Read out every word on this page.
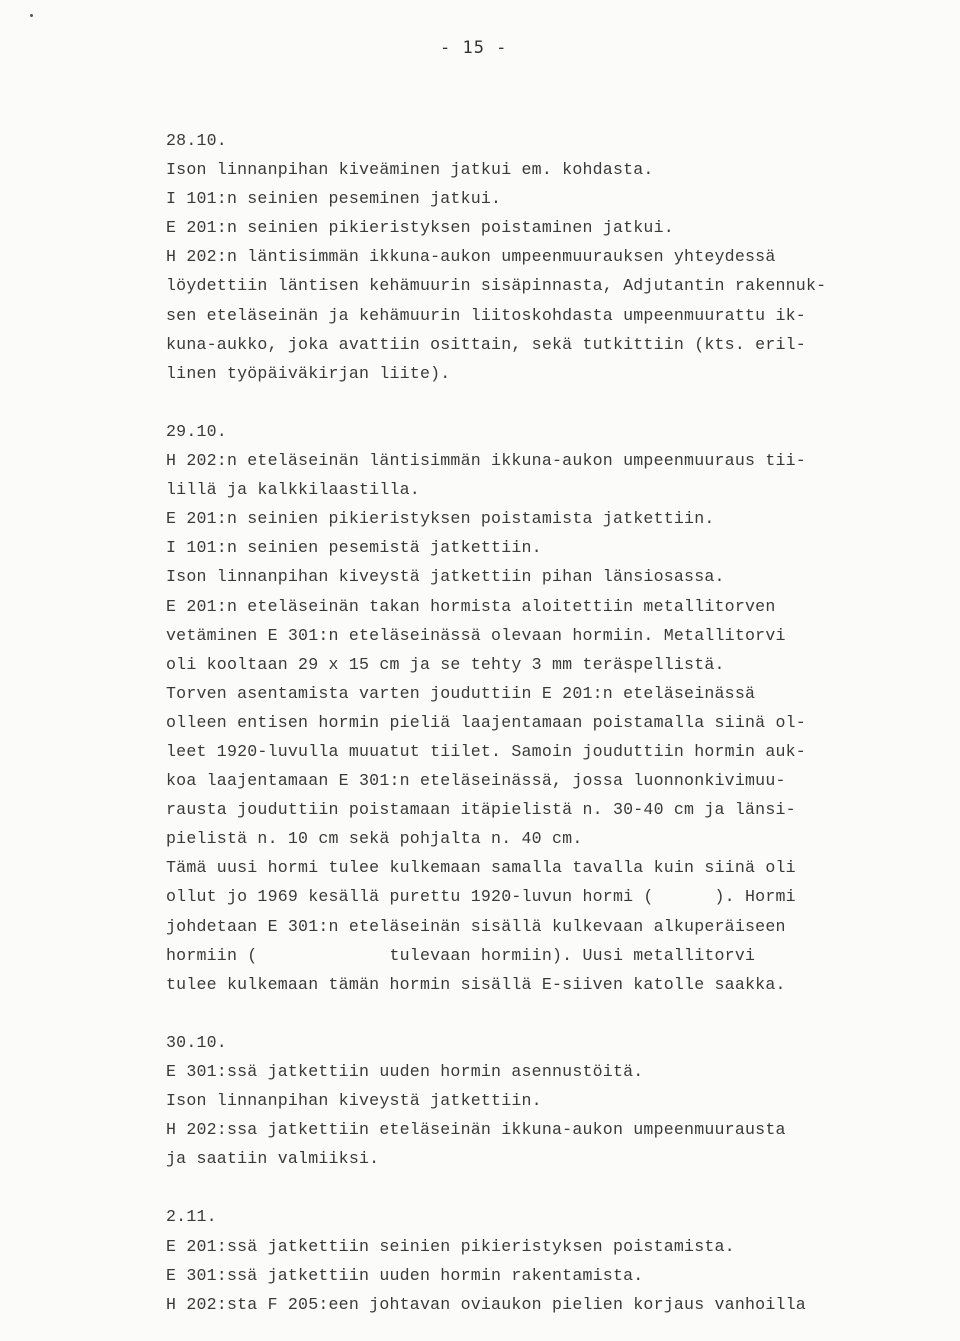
- 15 -
28.10.
Ison linnanpihan kiveäminen jatkui em. kohdasta.
I 101:n seinien peseminen jatkui.
E 201:n seinien pikieristyksen poistaminen jatkui.
H 202:n läntisimmän ikkuna-aukon umpeenmuurauksen yhteydessä
löydettiin läntisen kehämuurin sisäpinnasta, Adjutantin rakennuk-
sen eteläseinän ja kehämuurin liitoskohdasta umpeenmuurattu ik-
kuna-aukko, joka avattiin osittain, sekä tutkittiin (kts. eril-
linen työpäiväkirjan liite).
29.10.
H 202:n eteläseinän läntisimmän ikkuna-aukon umpeenmuuraus tii-
lillä ja kalkkilaastilla.
E 201:n seinien pikieristyksen poistamista jatkettiin.
I 101:n seinien pesemistä jatkettiin.
Ison linnanpihan kiveystä jatkettiin pihan länsiosassa.
E 201:n eteläseinän takan hormista aloitettiin metallitorven
vetäminen E 301:n eteläseinässä olevaan hormiin. Metallitorvi
oli kooltaan 29 x 15 cm ja se tehty 3 mm teräspellistä.
Torven asentamista varten jouduttiin E 201:n eteläseinässä
olleen entisen hormin pieliä laajentamaan poistamalla siinä ol-
leet 1920-luvulla muuatut tiilet. Samoin jouduttiin hormin auk-
koa laajentamaan E 301:n eteläseinässä, jossa luonnonkivimuu-
rausta jouduttiin poistamaan itäpielistä n. 30-40 cm ja länsi-
pielistä n. 10 cm sekä pohjalta n. 40 cm.
Tämä uusi hormi tulee kulkemaan samalla tavalla kuin siinä oli
ollut jo 1969 kesällä purettu 1920-luvun hormi (      ). Hormi
johdetaan E 301:n eteläseinän sisällä kulkevaan alkuperäiseen
hormiin (             tulevaan hormiin). Uusi metallitorvi
tulee kulkemaan tämän hormin sisällä E-siiven katolle saakka.
30.10.
E 301:ssä jatkettiin uuden hormin asennustöitä.
Ison linnanpihan kiveystä jatkettiin.
H 202:ssa jatkettiin eteläseinän ikkuna-aukon umpeenmuurausta
ja saatiin valmiiksi.
2.11.
E 201:ssä jatkettiin seinien pikieristyksen poistamista.
E 301:ssä jatkettiin uuden hormin rakentamista.
H 202:sta F 205:een johtavan oviaukon pielien korjaus vanhoilla
